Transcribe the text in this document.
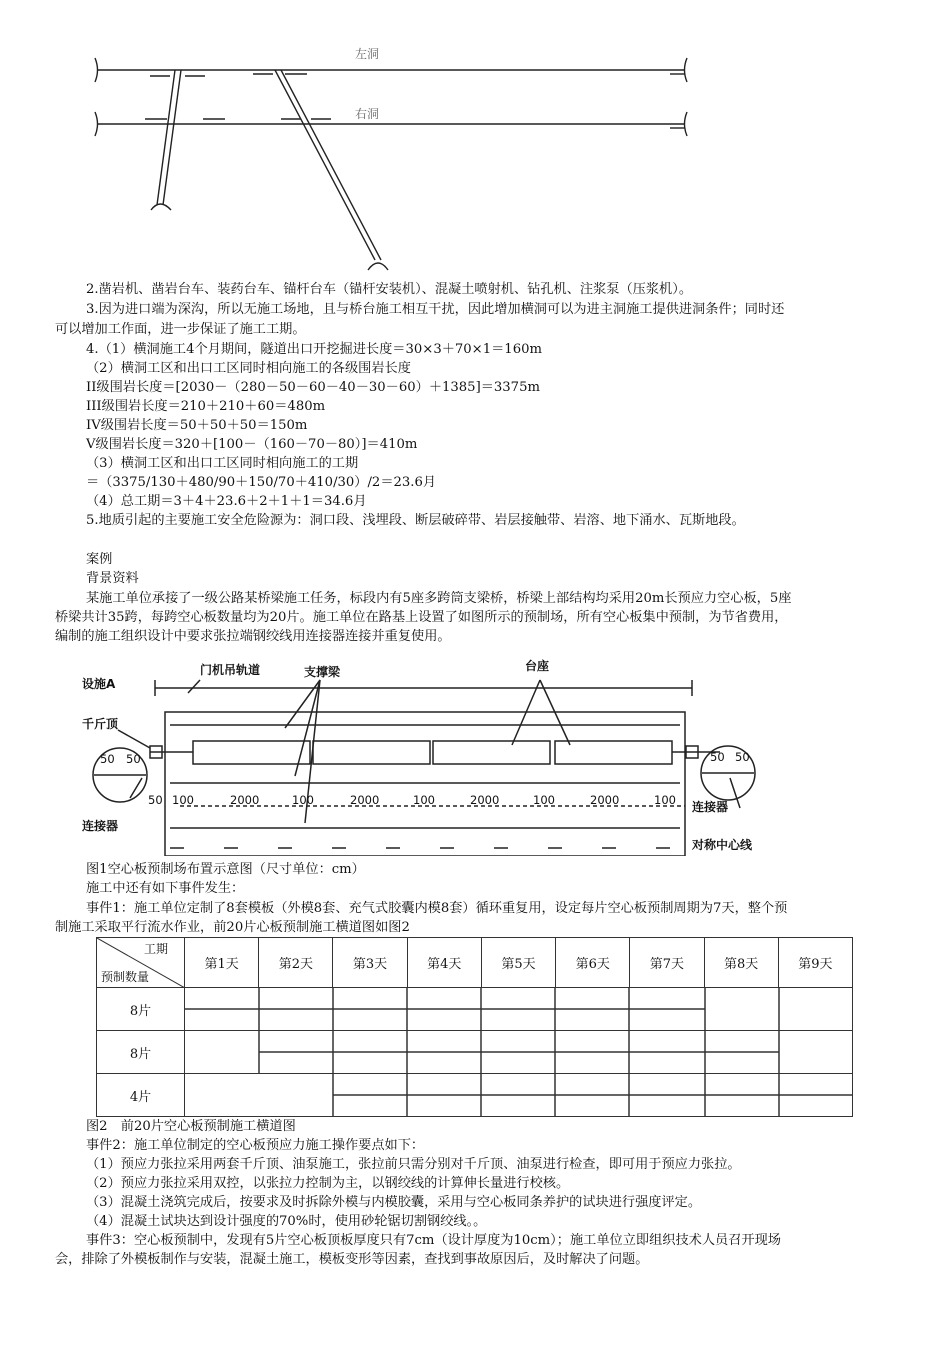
左洞
右洞
2.凿岩机、凿岩台车、装药台车、锚杆台车（锚杆安装机）、混凝土喷射机、钻孔机、注浆泵（压浆机）。
3.因为进口端为深沟，所以无施工场地，且与桥台施工相互干扰，因此增加横洞可以为进主洞施工提供进洞条件；同时还
可以增加工作面，进一步保证了施工工期。
4.（1）横洞施工4个月期间，隧道出口开挖掘进长度＝30×3＋70×1＝160m
（2）横洞工区和出口工区同时相向施工的各级围岩长度
II级围岩长度＝[2030－（280－50－60－40－30－60）＋1385]＝3375m
III级围岩长度＝210＋210＋60＝480m
IV级围岩长度＝50＋50＋50＝150m
V级围岩长度＝320＋[100－（160－70－80）]＝410m
（3）横洞工区和出口工区同时相向施工的工期
＝（3375/130＋480/90＋150/70＋410/30）/2＝23.6月
（4）总工期＝3＋4＋23.6＋2＋1＋1＝34.6月
5.地质引起的主要施工安全危险源为：洞口段、浅埋段、断层破碎带、岩层接触带、岩溶、地下涌水、瓦斯地段。
案例
背景资料
某施工单位承接了一级公路某桥梁施工任务，标段内有5座多跨筒支梁桥，桥梁上部结构均采用20m长预应力空心板，5座
桥梁共计35跨，每跨空心板数量均为20片。施工单位在路基上设置了如图所示的预制场，所有空心板集中预制，为节省费用，
编制的施工组织设计中要求张拉端钢绞线用连接器连接并重复使用。
门机吊轨道	支撑梁	台座
设施A
千斤顶
连接器
连接器
对称中心线
50 50	50 50
50 100	2000	100	2000	100	2000	100	2000	100
图1空心板预制场布置示意图（尺寸单位：cm）
施工中还有如下事件发生：
事件1：施工单位定制了8套模板（外模8套、充气式胶囊内模8套）循环重复用，设定每片空心板预制周期为7天，整个预
制施工采取平行流水作业，前20片心板预制施工横道图如图2
工期
预制数量	第1天	第2天	第3天	第4天	第5天	第6天	第7天	第8天	第9天
8片	

8片	

4片	
图2　前20片空心板预制施工横道图
事件2：施工单位制定的空心板预应力施工操作要点如下：
（1）预应力张拉采用两套千斤顶、油泵施工，张拉前只需分别对千斤顶、油泵进行检查，即可用于预应力张拉。
（2）预应力张拉采用双控，以张拉力控制为主，以钢绞线的计算伸长量进行校核。
（3）混凝土浇筑完成后，按要求及时拆除外模与内模胶囊，采用与空心板同条养护的试块进行强度评定。
（4）混凝土试块达到设计强度的70%时，使用砂轮锯切割钢绞线。。
事件3：空心板预制中，发现有5片空心板顶板厚度只有7cm（设计厚度为10cm）；施工单位立即组织技术人员召开现场
会，排除了外模板制作与安装，混凝土施工，模板变形等因素，查找到事故原因后，及时解决了问题。
